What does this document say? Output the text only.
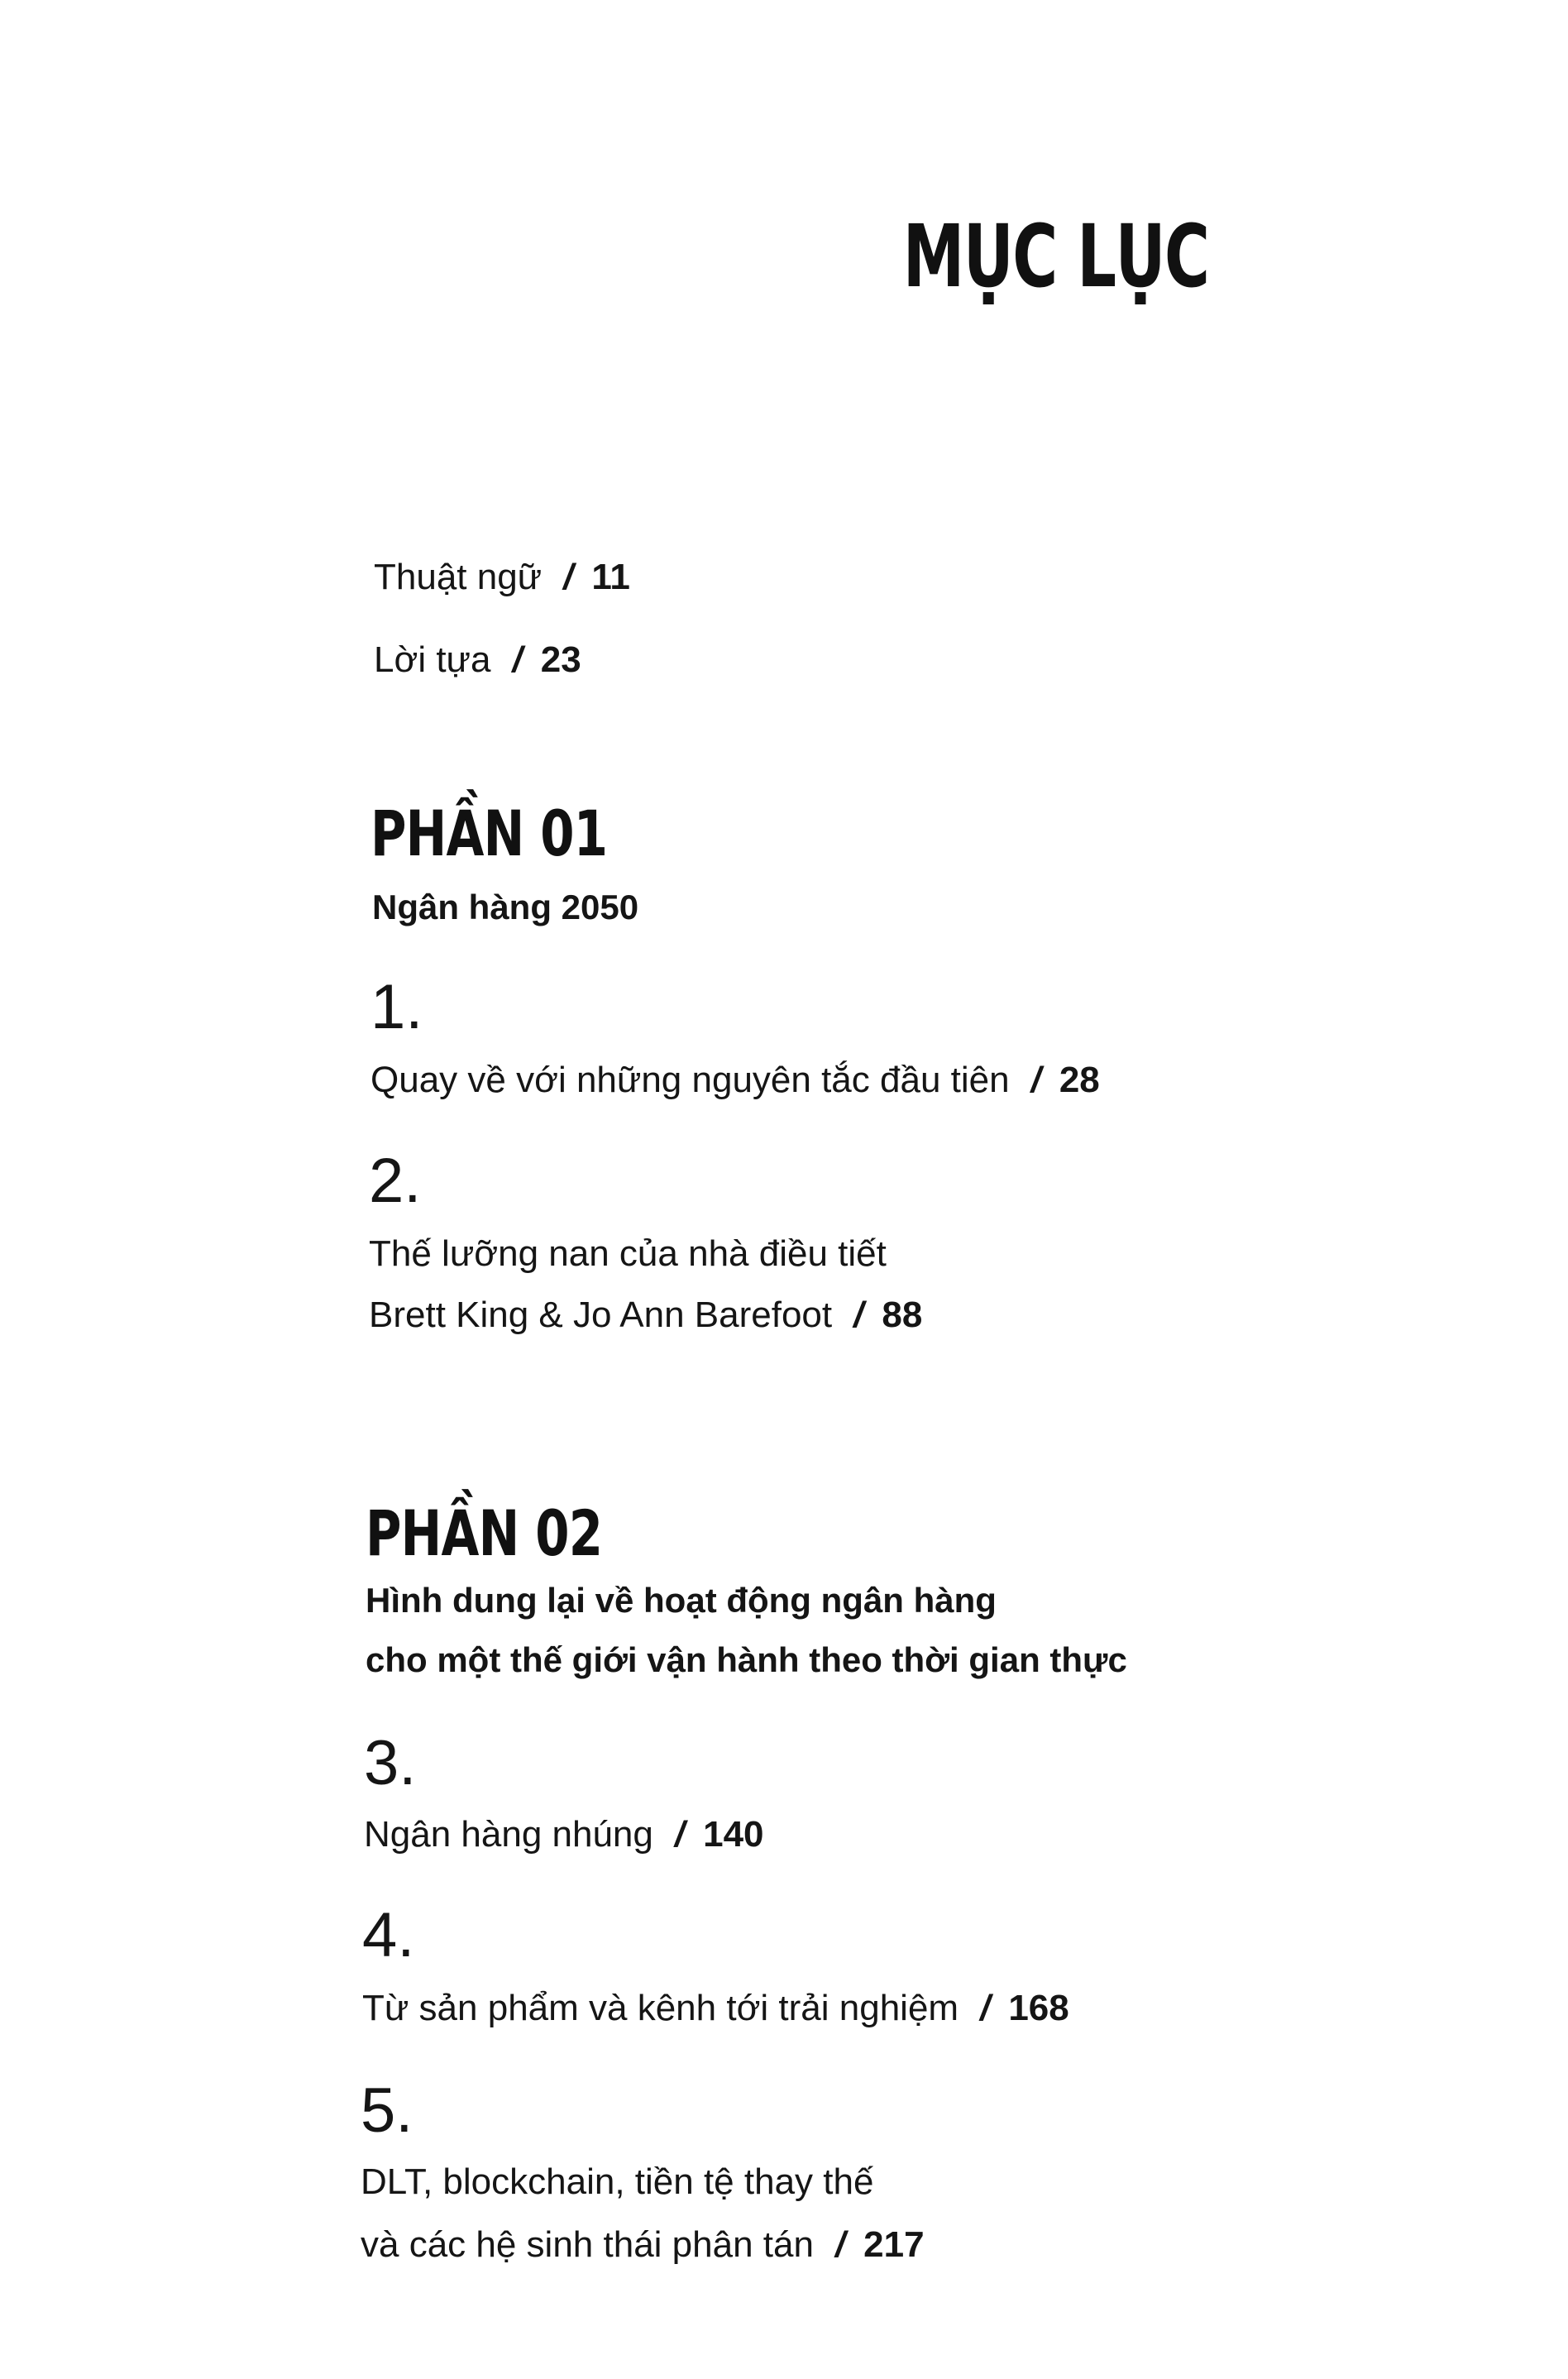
MỤC LỤC

Thuật ngữ / 11

Lời tựa / 23

PHẦN 01

Ngân hàng 2050

1.

Quay về với những nguyên tắc đầu tiên / 28

2.

Thế lưỡng nan của nhà điều tiết

Brett King & Jo Ann Barefoot / 88

PHẦN 02

Hình dung lại về hoạt động ngân hàng

cho một thế giới vận hành theo thời gian thực

3.

Ngân hàng nhúng / 140

4.

Từ sản phẩm và kênh tới trải nghiệm / 168

5.

DLT, blockchain, tiền tệ thay thế

và các hệ sinh thái phân tán / 217
